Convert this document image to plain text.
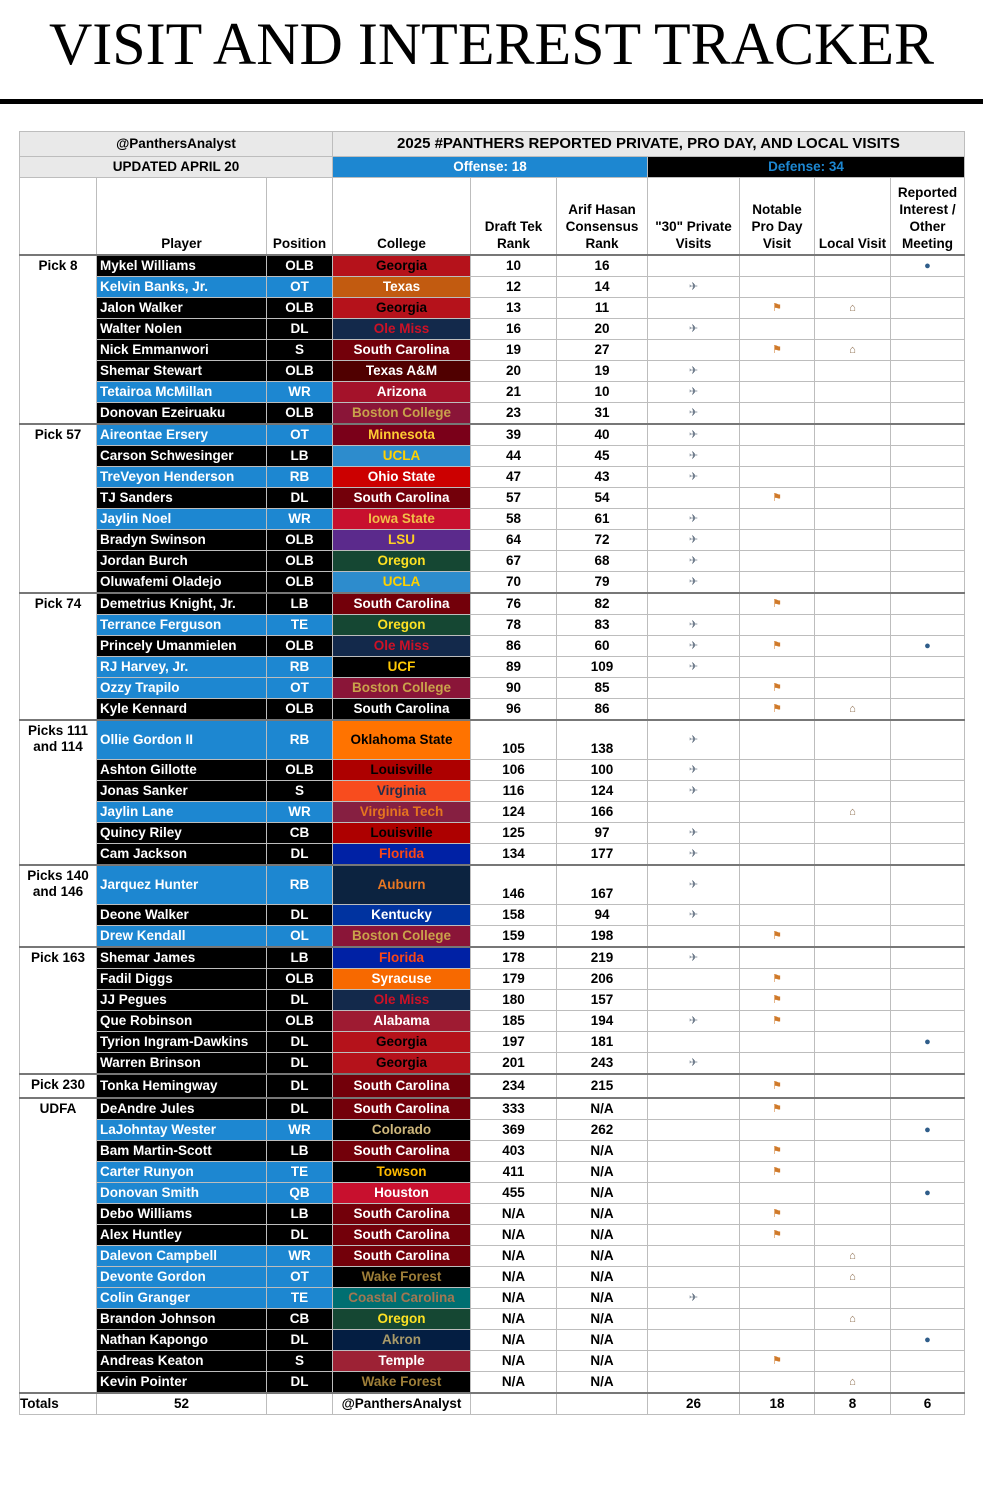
VISIT AND INTEREST TRACKER
@PanthersAnalyst			2025 #PANTHERS REPORTED PRIVATE, PRO DAY, AND LOCAL VISITS						
UPDATED APRIL 20			Offense: 18			Defense: 34			
	Player	Position	College	Draft Tek Rank	Arif Hasan Consensus Rank	"30" Private Visits	Notable Pro Day Visit	Local Visit	Reported Interest / Other Meeting
Pick 8	Mykel Williams	OLB	Georgia	10	16				●
	Kelvin Banks, Jr.	OT	Texas	12	14	✈			
	Jalon Walker	OLB	Georgia	13	11		⚑	⌂	
	Walter Nolen	DL	Ole Miss	16	20	✈			
	Nick Emmanwori	S	South Carolina	19	27		⚑	⌂	
	Shemar Stewart	OLB	Texas A&M	20	19	✈			
	Tetairoa McMillan	WR	Arizona	21	10	✈			
	Donovan Ezeiruaku	OLB	Boston College	23	31	✈			
Pick 57	Aireontae Ersery	OT	Minnesota	39	40	✈			
	Carson Schwesinger	LB	UCLA	44	45	✈			
	TreVeyon Henderson	RB	Ohio State	47	43	✈			
	TJ Sanders	DL	South Carolina	57	54		⚑		
	Jaylin Noel	WR	Iowa State	58	61	✈			
	Bradyn Swinson	OLB	LSU	64	72	✈			
	Jordan Burch	OLB	Oregon	67	68	✈			
	Oluwafemi Oladejo	OLB	UCLA	70	79	✈			
Pick 74	Demetrius Knight, Jr.	LB	South Carolina	76	82		⚑		
	Terrance Ferguson	TE	Oregon	78	83	✈			
	Princely Umanmielen	OLB	Ole Miss	86	60	✈	⚑		●
	RJ Harvey, Jr.	RB	UCF	89	109	✈			
	Ozzy Trapilo	OT	Boston College	90	85		⚑		
	Kyle Kennard	OLB	South Carolina	96	86		⚑	⌂	
Picks 111 and 114	Ollie Gordon II	RB	Oklahoma State	105	138	✈			
	Ashton Gillotte	OLB	Louisville	106	100	✈			
	Jonas Sanker	S	Virginia	116	124	✈			
	Jaylin Lane	WR	Virginia Tech	124	166			⌂	
	Quincy Riley	CB	Louisville	125	97	✈			
	Cam Jackson	DL	Florida	134	177	✈			
Picks 140 and 146	Jarquez Hunter	RB	Auburn	146	167	✈			
	Deone Walker	DL	Kentucky	158	94	✈			
	Drew Kendall	OL	Boston College	159	198		⚑		
Pick 163	Shemar James	LB	Florida	178	219	✈			
	Fadil Diggs	OLB	Syracuse	179	206		⚑		
	JJ Pegues	DL	Ole Miss	180	157		⚑		
	Que Robinson	OLB	Alabama	185	194	✈	⚑		
	Tyrion Ingram-Dawkins	DL	Georgia	197	181				●
	Warren Brinson	DL	Georgia	201	243	✈			
Pick 230	Tonka Hemingway	DL	South Carolina	234	215		⚑		
UDFA	DeAndre Jules	DL	South Carolina	333	N/A		⚑		
	LaJohntay Wester	WR	Colorado	369	262				●
	Bam Martin-Scott	LB	South Carolina	403	N/A		⚑		
	Carter Runyon	TE	Towson	411	N/A		⚑		
	Donovan Smith	QB	Houston	455	N/A				●
	Debo Williams	LB	South Carolina	N/A	N/A		⚑		
	Alex Huntley	DL	South Carolina	N/A	N/A		⚑		
	Dalevon Campbell	WR	South Carolina	N/A	N/A			⌂	
	Devonte Gordon	OT	Wake Forest	N/A	N/A			⌂	
	Colin Granger	TE	Coastal Carolina	N/A	N/A	✈			
	Brandon Johnson	CB	Oregon	N/A	N/A			⌂	
	Nathan Kapongo	DL	Akron	N/A	N/A				●
	Andreas Keaton	S	Temple	N/A	N/A		⚑		
	Kevin Pointer	DL	Wake Forest	N/A	N/A			⌂	
Totals	52		@PanthersAnalyst			26	18	8	6
